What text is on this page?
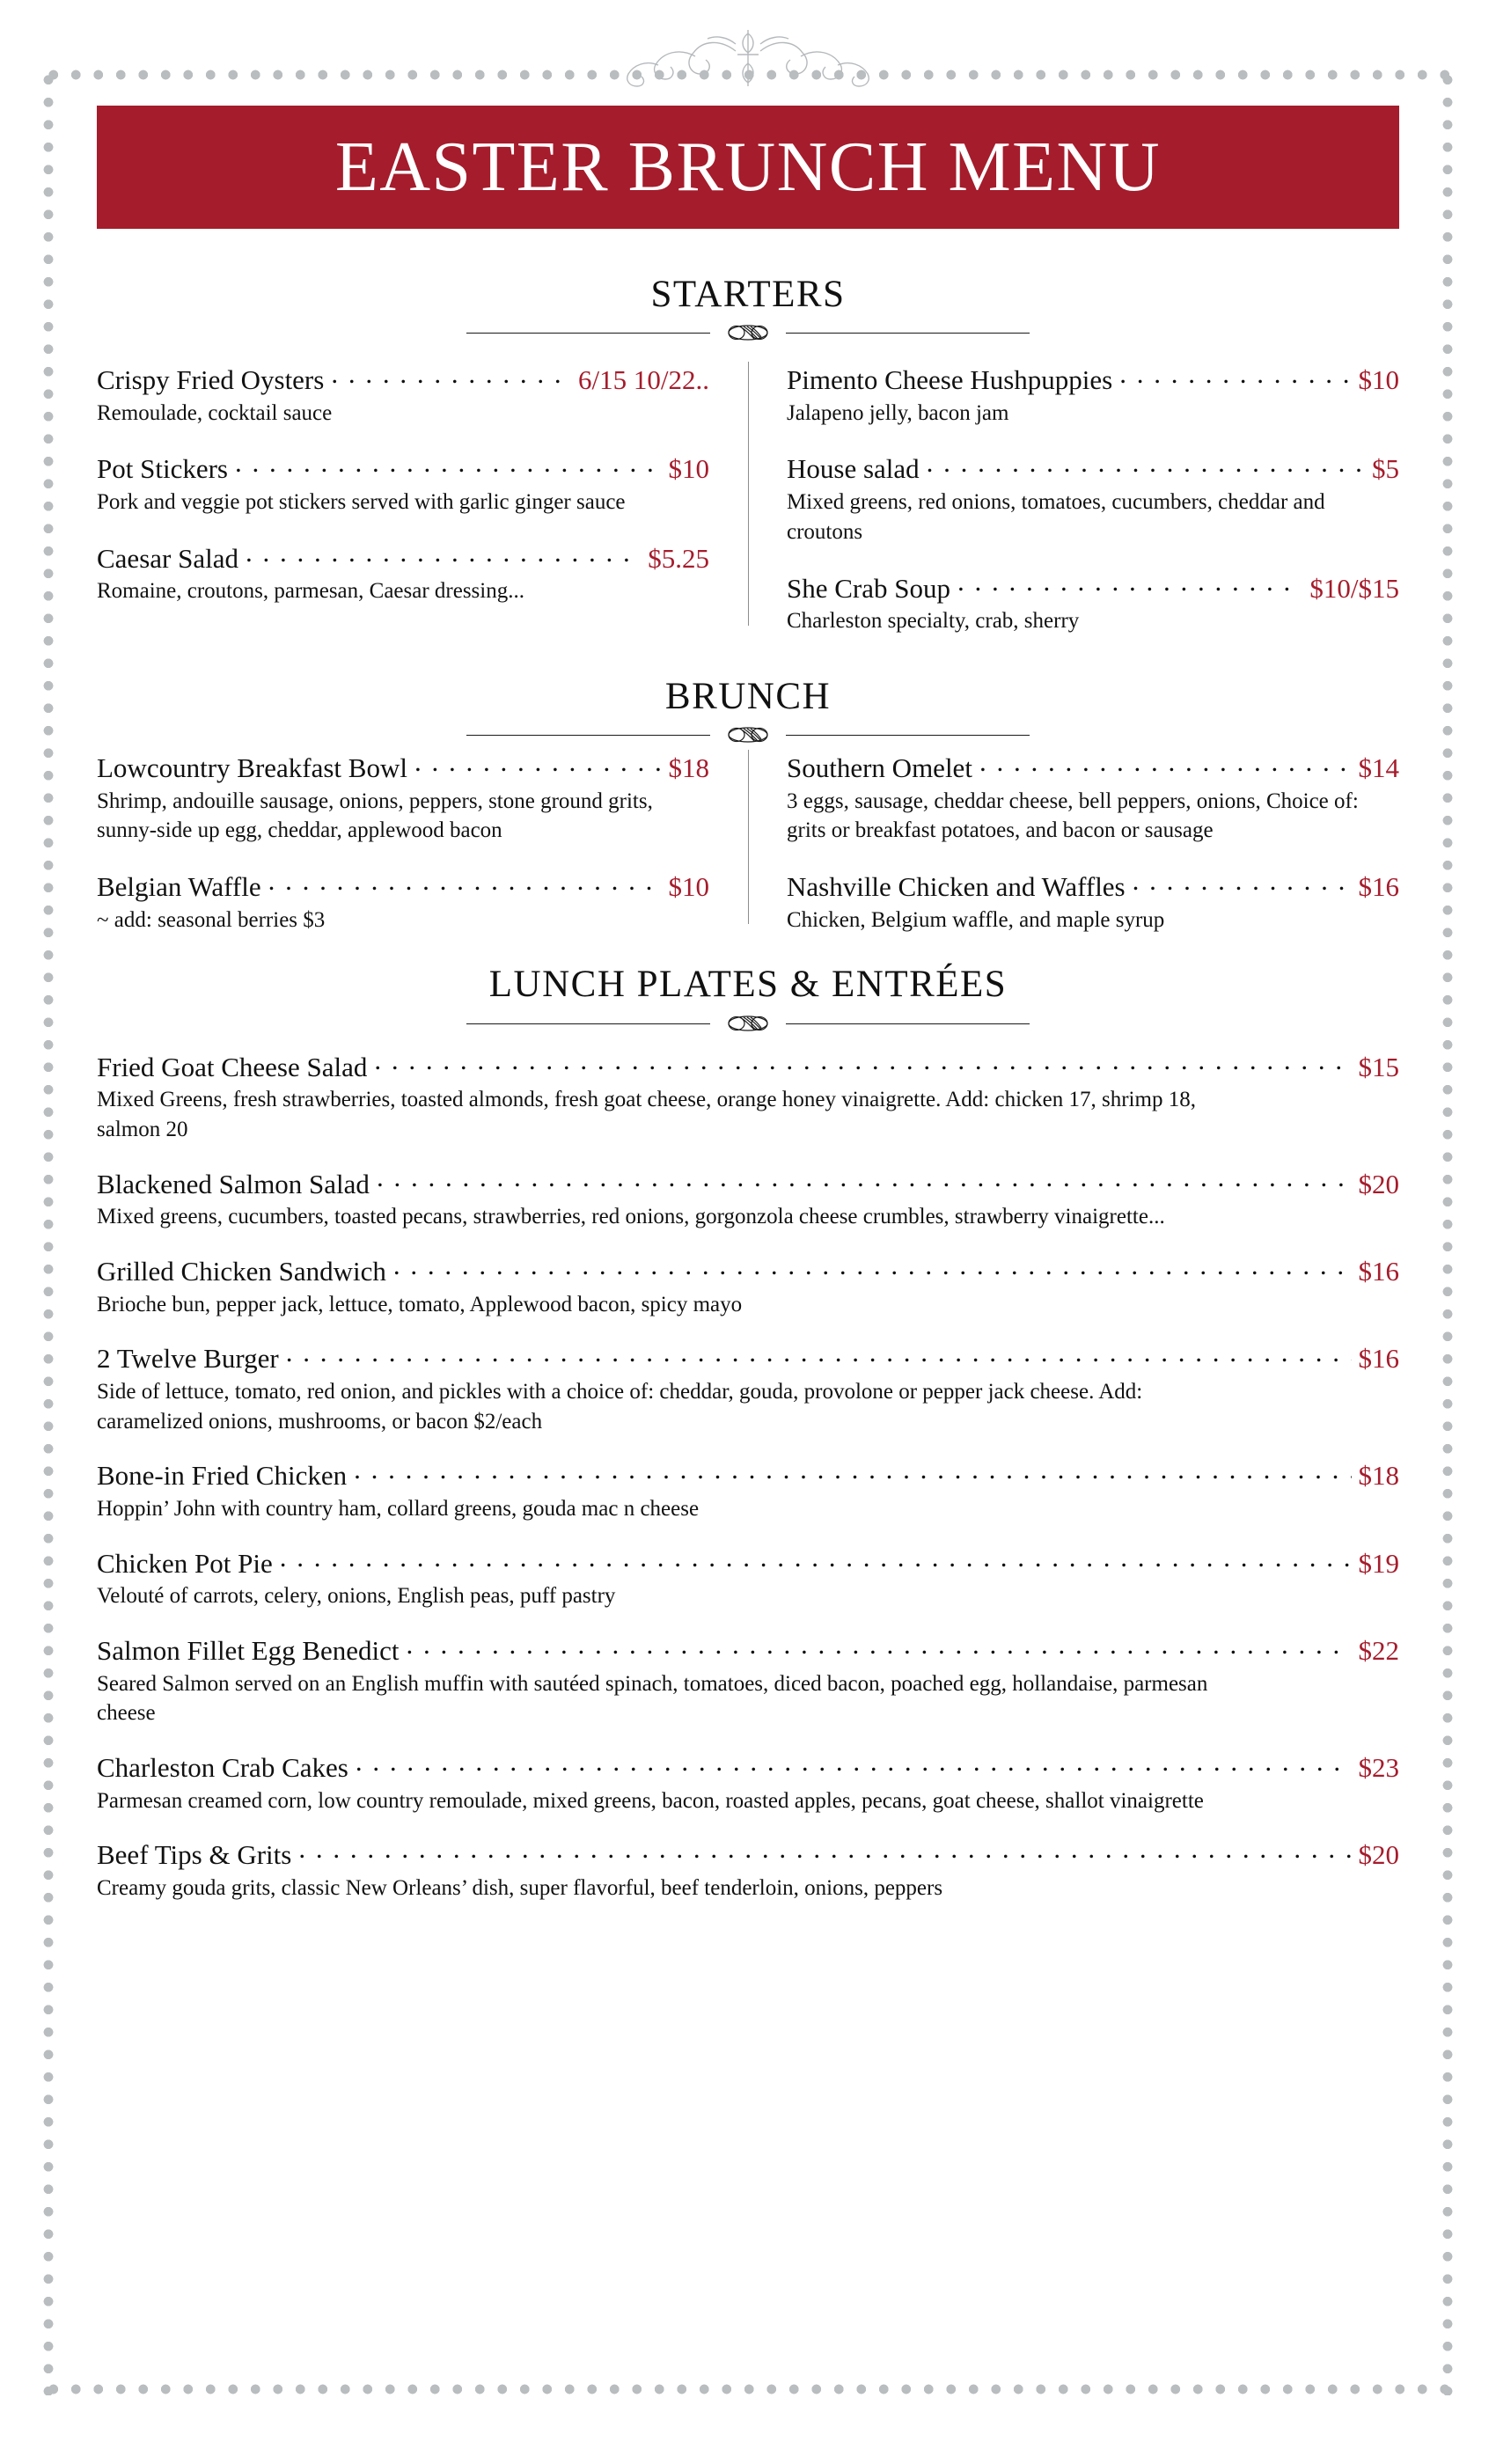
EASTER BRUNCH MENU
STARTERS
Crispy Fried Oysters . . .	6/15 10/22..
Remoulade, cocktail sauce
Pot Stickers . . .	$10
Pork and veggie pot stickers served with garlic ginger sauce
Caesar Salad . . .	$5.25
Romaine, croutons, parmesan, Caesar dressing...
Pimento Cheese Hushpuppies . . .	$10
Jalapeno jelly, bacon jam
House salad . . .	$5
Mixed greens, red onions, tomatoes, cucumbers, cheddar and croutons
She Crab Soup . . .	$10/$15
Charleston specialty, crab, sherry
BRUNCH
Lowcountry Breakfast Bowl . . .	$18
Shrimp, andouille sausage, onions, peppers, stone ground grits, sunny-side up egg, cheddar, applewood bacon
Belgian Waffle . . .	$10
~ add: seasonal berries $3
Southern Omelet . . .	$14
3 eggs, sausage, cheddar cheese, bell peppers, onions, Choice of: grits or breakfast potatoes, and bacon or sausage
Nashville Chicken and Waffles . . .	$16
Chicken, Belgium waffle, and maple syrup
LUNCH PLATES & ENTRÉES
Fried Goat Cheese Salad . . .	$15
Mixed Greens, fresh strawberries, toasted almonds, fresh goat cheese, orange honey vinaigrette. Add: chicken 17, shrimp 18, salmon 20
Blackened Salmon Salad . . .	$20
Mixed greens, cucumbers, toasted pecans, strawberries, red onions, gorgonzola cheese crumbles, strawberry vinaigrette...
Grilled Chicken Sandwich . . .	$16
Brioche bun, pepper jack, lettuce, tomato, Applewood bacon, spicy mayo
2 Twelve Burger . . .	$16
Side of lettuce, tomato, red onion, and pickles with a choice of: cheddar, gouda, provolone or pepper jack cheese. Add: caramelized onions, mushrooms, or bacon $2/each
Bone-in Fried Chicken . . .	$18
Hoppin’ John with country ham, collard greens, gouda mac n cheese
Chicken Pot Pie . . .	$19
Velouté of carrots, celery, onions, English peas, puff pastry
Salmon Fillet Egg Benedict . . .	$22
Seared Salmon served on an English muffin with sautéed spinach, tomatoes, diced bacon, poached egg, hollandaise, parmesan cheese
Charleston Crab Cakes . . .	$23
Parmesan creamed corn, low country remoulade, mixed greens, bacon, roasted apples, pecans, goat cheese, shallot vinaigrette
Beef Tips & Grits . . .	$20
Creamy gouda grits, classic New Orleans’ dish, super flavorful, beef tenderloin, onions, peppers
